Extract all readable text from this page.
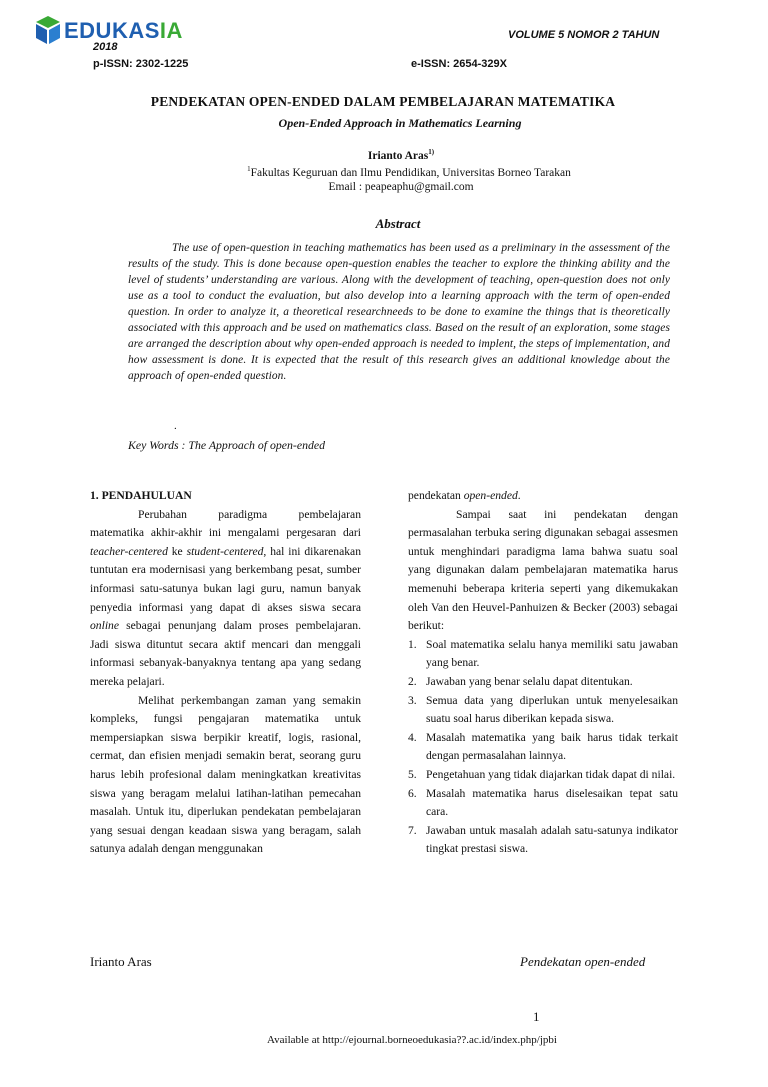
EDUKASIA	VOLUME 5 NOMOR 2 TAHUN
2018
p-ISSN: 2302-1225	e-ISSN: 2654-329X
PENDEKATAN OPEN-ENDED DALAM PEMBELAJARAN MATEMATIKA
Open-Ended Approach in Mathematics Learning
Irianto Aras$^{1)}$
$^1$Fakultas Keguruan dan Ilmu Pendidikan, Universitas Borneo Tarakan
Email : peapeaphu@gmail.com
Abstract

The use of open-question in teaching mathematics has been used as a preliminary in the assessment of the results of the study. This is done because open-question enables the teacher to explore the thinking ability and the level of students’ understanding are various. Along with the development of teaching, open-question does not only use as a tool to conduct the evaluation, but also develop into a learning approach with the term of open-ended question. In order to analyze it, a theoretical researchneeds to be done to examine the things that is theoretically associated with this approach and be used on mathematics class. Based on the result of an exploration, some stages are arranged the description about why open-ended approach is needed to implent, the steps of implementation, and how assessment is done. It is expected that the result of this research gives an additional knowledge about the approach of open-ended question.

.
Key Words : The Approach of open-ended

1. PENDAHULUAN

Perubahan paradigma pembelajaran matematika akhir-akhir ini mengalami pergesaran dari teacher-centered ke student-centered, hal ini dikarenakan tuntutan era modernisasi yang berkembang pesat, sumber informasi satu-satunya bukan lagi guru, namun banyak penyedia informasi yang dapat di akses siswa secara online sebagai penunjang dalam proses pembelajaran. Jadi siswa dituntut secara aktif mencari dan menggali informasi sebanyak-banyaknya tentang apa yang sedang mereka pelajari.

Melihat perkembangan zaman yang semakin kompleks, fungsi pengajaran matematika untuk mempersiapkan siswa berpikir kreatif, logis, rasional, cermat, dan efisien menjadi semakin berat, seorang guru harus lebih profesional dalam meningkatkan kreativitas siswa yang beragam melalui latihan-latihan pemecahan masalah. Untuk itu, diperlukan pendekatan pembelajaran yang sesuai dengan keadaan siswa yang beragam, salah satunya adalah dengan menggunakan

pendekatan open-ended.

Sampai saat ini pendekatan dengan permasalahan terbuka sering digunakan sebagai assesmen untuk menghindari paradigma lama bahwa suatu soal yang digunakan dalam pembelajaran matematika harus memenuhi beberapa kriteria seperti yang dikemukakan oleh Van den Heuvel-Panhuizen & Becker (2003) sebagai berikut:

1. Soal matematika selalu hanya memiliki satu jawaban yang benar.
2. Jawaban yang benar selalu dapat ditentukan.
3. Semua data yang diperlukan untuk menyelesaikan suatu soal harus diberikan kepada siswa.
4. Masalah matematika yang baik harus tidak terkait dengan permasalahan lainnya.
5. Pengetahuan yang tidak diajarkan tidak dapat di nilai.
6. Masalah matematika harus diselesaikan tepat satu cara.
7. Jawaban untuk masalah adalah satu-satunya indikator tingkat prestasi siswa.
Irianto Aras	Pendekatan open-ended
1
Available at http://ejournal.borneoedukasia??.ac.id/index.php/jpbi
